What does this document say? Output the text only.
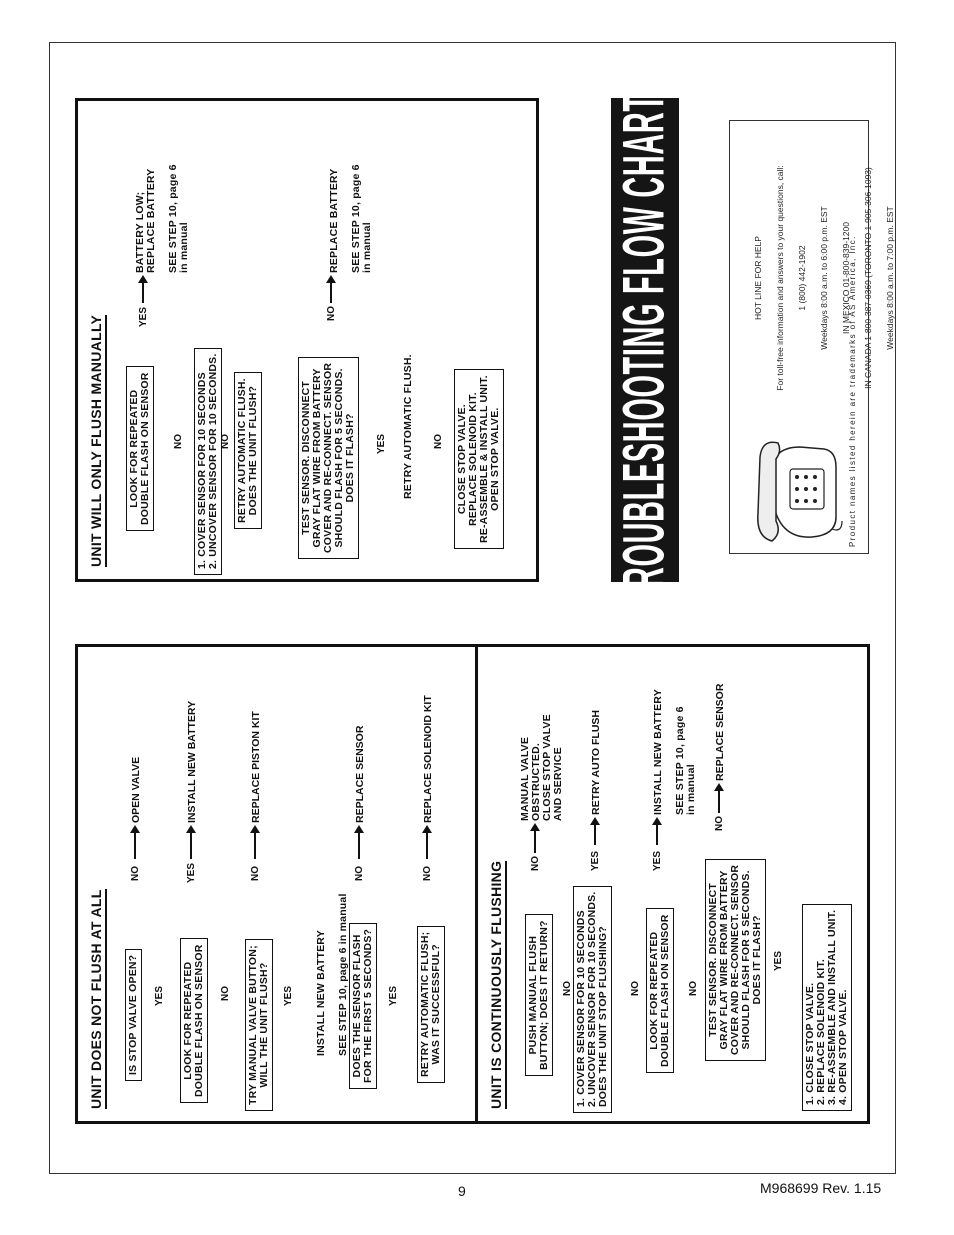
9	M968699 Rev. 1.15
UNIT DOES NOT FLUSH AT ALL IS STOP VALVE OPEN?	LOOK FOR REPEATED
DOUBLE FLASH ON SENSOR
TRY MANUAL VALVE BUTTON;
WILL THE UNIT FLUSH?	INSTALL NEW BATTERY SEE STEP 10, page 6 in manual

DOES THE SENSOR FLASH
FOR THE FIRST 5 SECONDS?
RETRY AUTOMATIC FLUSH;
WAS IT SUCCESSFUL?
YES	YES	YES
NO
NO
OPEN VALVE
YES
INSTALL NEW BATTERY
NO
REPLACE PISTON KIT
NO
REPLACE SENSOR
NO
REPLACE SOLENOID KIT
UNIT IS CONTINUOUSLY FLUSHING PUSH MANUAL FLUSH
BUTTON; DOES IT RETURN?
1. COVER SENSOR FOR 10 SECONDS
2. UNCOVER SENSOR FOR 10 SECONDS.
DOES THE UNIT STOP FLUSHING?
LOOK FOR REPEATED
DOUBLE FLASH ON SENSOR
TEST SENSOR. DISCONNECT
GRAY FLAT WIRE FROM BATTERY
COVER AND RE-CONNECT. SENSOR
SHOULD FLASH FOR 5 SECONDS.
DOES IT FLASH?
1. CLOSE STOP VALVE.
2. REPLACE SOLENOID KIT.
3. RE-ASSEMBLE AND INSTALL UNIT.
4. OPEN STOP VALVE.
NO	NO	NO
YES
NO
MANUAL VALVE
OBSTRUCTED.
CLOSE STOP VALVE
AND SERVICE
YES
RETRY AUTO FLUSH
YES

INSTALL NEW BATTERY SEE STEP 10, page 6
in manual

NO
REPLACE SENSOR
UNIT WILL ONLY FLUSH MANUALLY LOOK FOR REPEATED
DOUBLE FLASH ON SENSOR
1. COVER SENSOR FOR 10 SECONDS
2. UNCOVER SENSOR FOR 10 SECONDS.
RETRY AUTOMATIC FLUSH.
DOES THE UNIT FLUSH?
TEST SENSOR. DISCONNECT
GRAY FLAT WIRE FROM BATTERY
COVER AND RE-CONNECT. SENSOR
SHOULD FLASH FOR 5 SECONDS.
DOES IT FLASH?	RETRY AUTOMATIC FLUSH.	CLOSE STOP VALVE.
REPLACE SOLENOID KIT.
RE-ASSEMBLE & INSTALL UNIT.
OPEN STOP VALVE.
NO	NO	YES	NO
YES

BATTERY LOW;
REPLACE BATTERY

SEE STEP 10, page 6
in manual

NO

REPLACE BATTERY SEE STEP 10, page 6
in manual	TROUBLESHOOTING FLOW CHARTS	HOT LINE FOR HELP For toll-free information and answers to your questions, call: 1 (800) 442-1902 Weekdays 8:00 a.m. to 6:00 p.m. EST IN MEXICO 01-800-839-1200 IN CANADA 1-800-387-0369 (TORONTO 1-905-306-1093) Weekdays 8:00 a.m. to 7:00 p.m. EST

Product names listed herein are trademarks of AS America, Inc.
